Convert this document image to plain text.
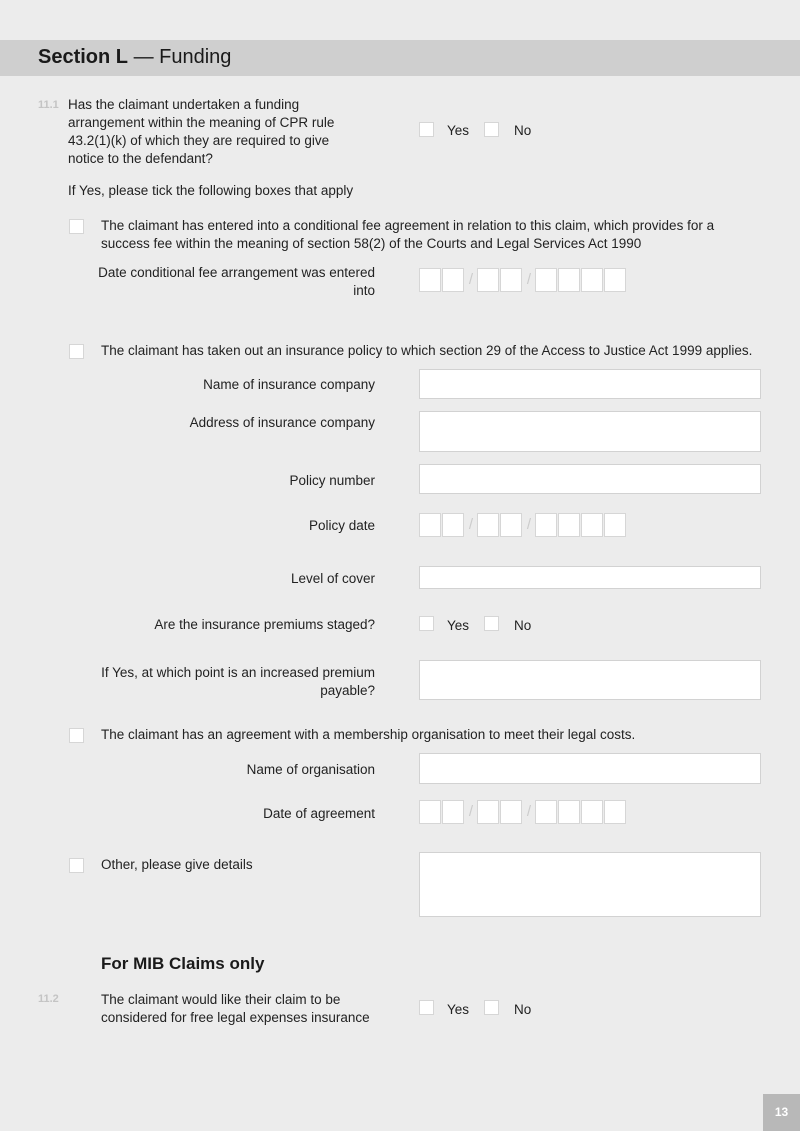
Section L — Funding
11.1 Has the claimant undertaken a funding arrangement within the meaning of CPR rule 43.2(1)(k) of which they are required to give notice to the defendant?
Yes	No
If Yes, please tick the following boxes that apply
The claimant has entered into a conditional fee agreement in relation to this claim, which provides for a success fee within the meaning of section 58(2) of the Courts and Legal Services Act 1990
Date conditional fee arrangement was entered into
/	/
The claimant has taken out an insurance policy to which section 29 of the Access to Justice Act 1999 applies.
Name of insurance company
Address of insurance company
Policy number
Policy date	/	/
Level of cover
Are the insurance premiums staged?	Yes	No
If Yes, at which point is an increased premium payable?
The claimant has an agreement with a membership organisation to meet their legal costs.
Name of organisation
Date of agreement	/	/
Other, please give details
For MIB Claims only
11.2	The claimant would like their claim to be considered for free legal expenses insurance
Yes	No
13
